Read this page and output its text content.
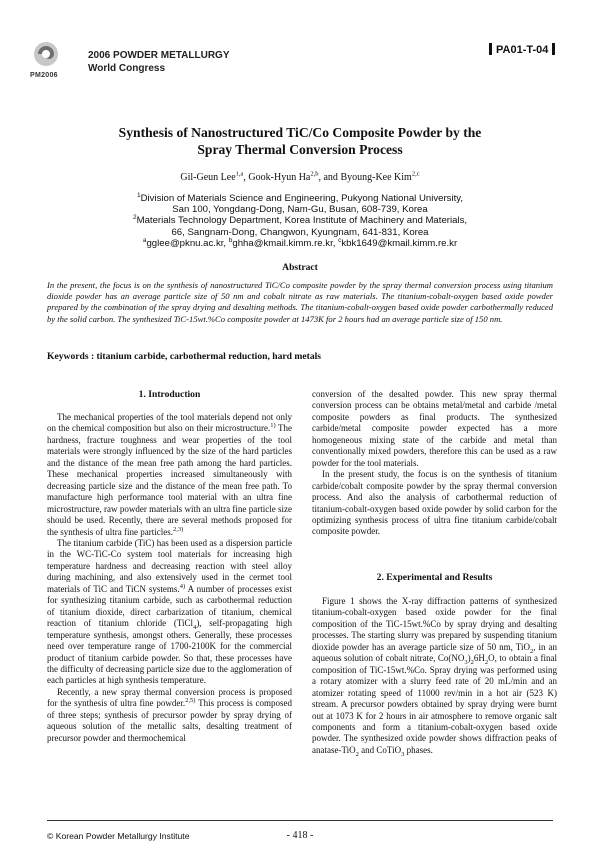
PM2006
2006 POWDER METALLURGY
World Congress
PA01-T-04
Synthesis of Nanostructured TiC/Co Composite Powder by the
Spray Thermal Conversion Process
Gil-Geun Lee$^{1,a}$, Gook-Hyun Ha$^{2,b}$, and Byoung-Kee Kim$^{2,c}$
$^1$Division of Materials Science and Engineering, Pukyong National University,
San 100, Yongdang-Dong, Nam-Gu, Busan, 608-739, Korea
$^2$Materials Technology Department, Korea Institute of Machinery and Materials,
66, Sangnam-Dong, Changwon, Kyungnam, 641-831, Korea
$^a$gglee@pknu.ac.kr, $^b$ghha@kmail.kimm.re.kr, $^c$kbk1649@kmail.kimm.re.kr
Abstract
In the present, the focus is on the synthesis of nanostructured TiC/Co composite powder by the spray thermal conversion process using titanium dioxide powder has an average particle size of 50 nm and cobalt nitrate as raw materials. The titanium-cobalt-oxygen based oxide powder prepared by the combination of the spray drying and desalting methods. The titanium-cobalt-oxygen based oxide powder carbothermally reduced by the solid carbon. The synthesized TiC-15wt.%Co composite powder at 1473K for 2 hours had an average particle size of 150 nm.
Keywords : titanium carbide, carbothermal reduction, hard metals
1. Introduction

The mechanical properties of the tool materials depend not only on the chemical composition but also on their microstructure.$^{1)}$ The hardness, fracture toughness and wear properties of the tool materials were strongly influenced by the size of the hard particles and the distance of the mean free path among the hard particles. These mechanical properties increased simultaneously with decreasing particle size and the distance of the mean free path. To manufacture high performance tool material with an ultra fine microstructure, raw powder materials with an ultra fine particle size should be used. Recently, there are several methods proposed for the synthesis of ultra fine particles.$^{2,3)}$

The titanium carbide (TiC) has been used as a dispersion particle in the WC-TiC-Co system tool materials for increasing high temperature hardness and decreasing reaction with steel alloy during machining, and also extensively used in the cermet tool materials of TiC and TiCN systems.$^{4)}$ A number of processes exist for synthesizing titanium carbide, such as carbothermal reduction of titanium dioxide, direct carbarization of titanium, chemical reaction of titanium chloride (TiCl$_4$), self-propagating high temperature synthesis, amongst others. Generally, these processes need over temperature range of 1700-2100K for the commercial product of titanium carbide powder. So that, these processes have the difficulty of decreasing particle size due to the agglomeration of each particles at high synthesis temperature.

Recently, a new spray thermal conversion process is proposed for the synthesis of ultra fine powder.$^{2,5)}$ This process is composed of three steps; synthesis of precursor powder by spray drying of aqueous solution of the metallic salts, desalting treatment of precursor powder and thermochemical

conversion of the desalted powder. This new spray thermal conversion process can be obtains metal/metal and carbide /metal composite powders as final products. The synthesized carbide/metal composite powder expected has a more homogeneous mixing state of the carbide and metal than conventionally mixed powders, therefore this can be used as a raw powder for the tool materials.

In the present study, the focus is on the synthesis of titanium carbide/cobalt composite powder by the spray thermal conversion process. And also the analysis of carbothermal reduction of titanium-cobalt-oxygen based oxide powder by solid carbon for the optimizing synthesis process of ultra fine titanium carbide/cobalt composite powder.

2. Experimental and Results

Figure 1 shows the X-ray diffraction patterns of synthesized titanium-cobalt-oxygen based oxide powder for the final composition of the TiC-15wt.%Co by spray drying and desalting processes. The starting slurry was prepared by suspending titanium dioxide powder has an average particle size of 50 nm, TiO$_2$, in an aqueous solution of cobalt nitrate, $Co(NO_3)_26H_2O$, to obtain a final composition of TiC-15wt.%Co. Spray drying was performed using a rotary atomizer with a slurry feed rate of 20 mL/min and an atomizer rotating speed of 11000 rev/min in a hot air (523 K) stream. A precursor powders obtained by spray drying were burnt out at 1073 K for 2 hours in air atmosphere to remove organic salt components and form a titanium-cobalt-oxygen based oxide powder. The synthesized oxide powder shows diffraction peaks of anatase-TiO$_2$ and CoTiO$_3$ phases.

© Korean Powder Metallurgy Institute	- 418 -
